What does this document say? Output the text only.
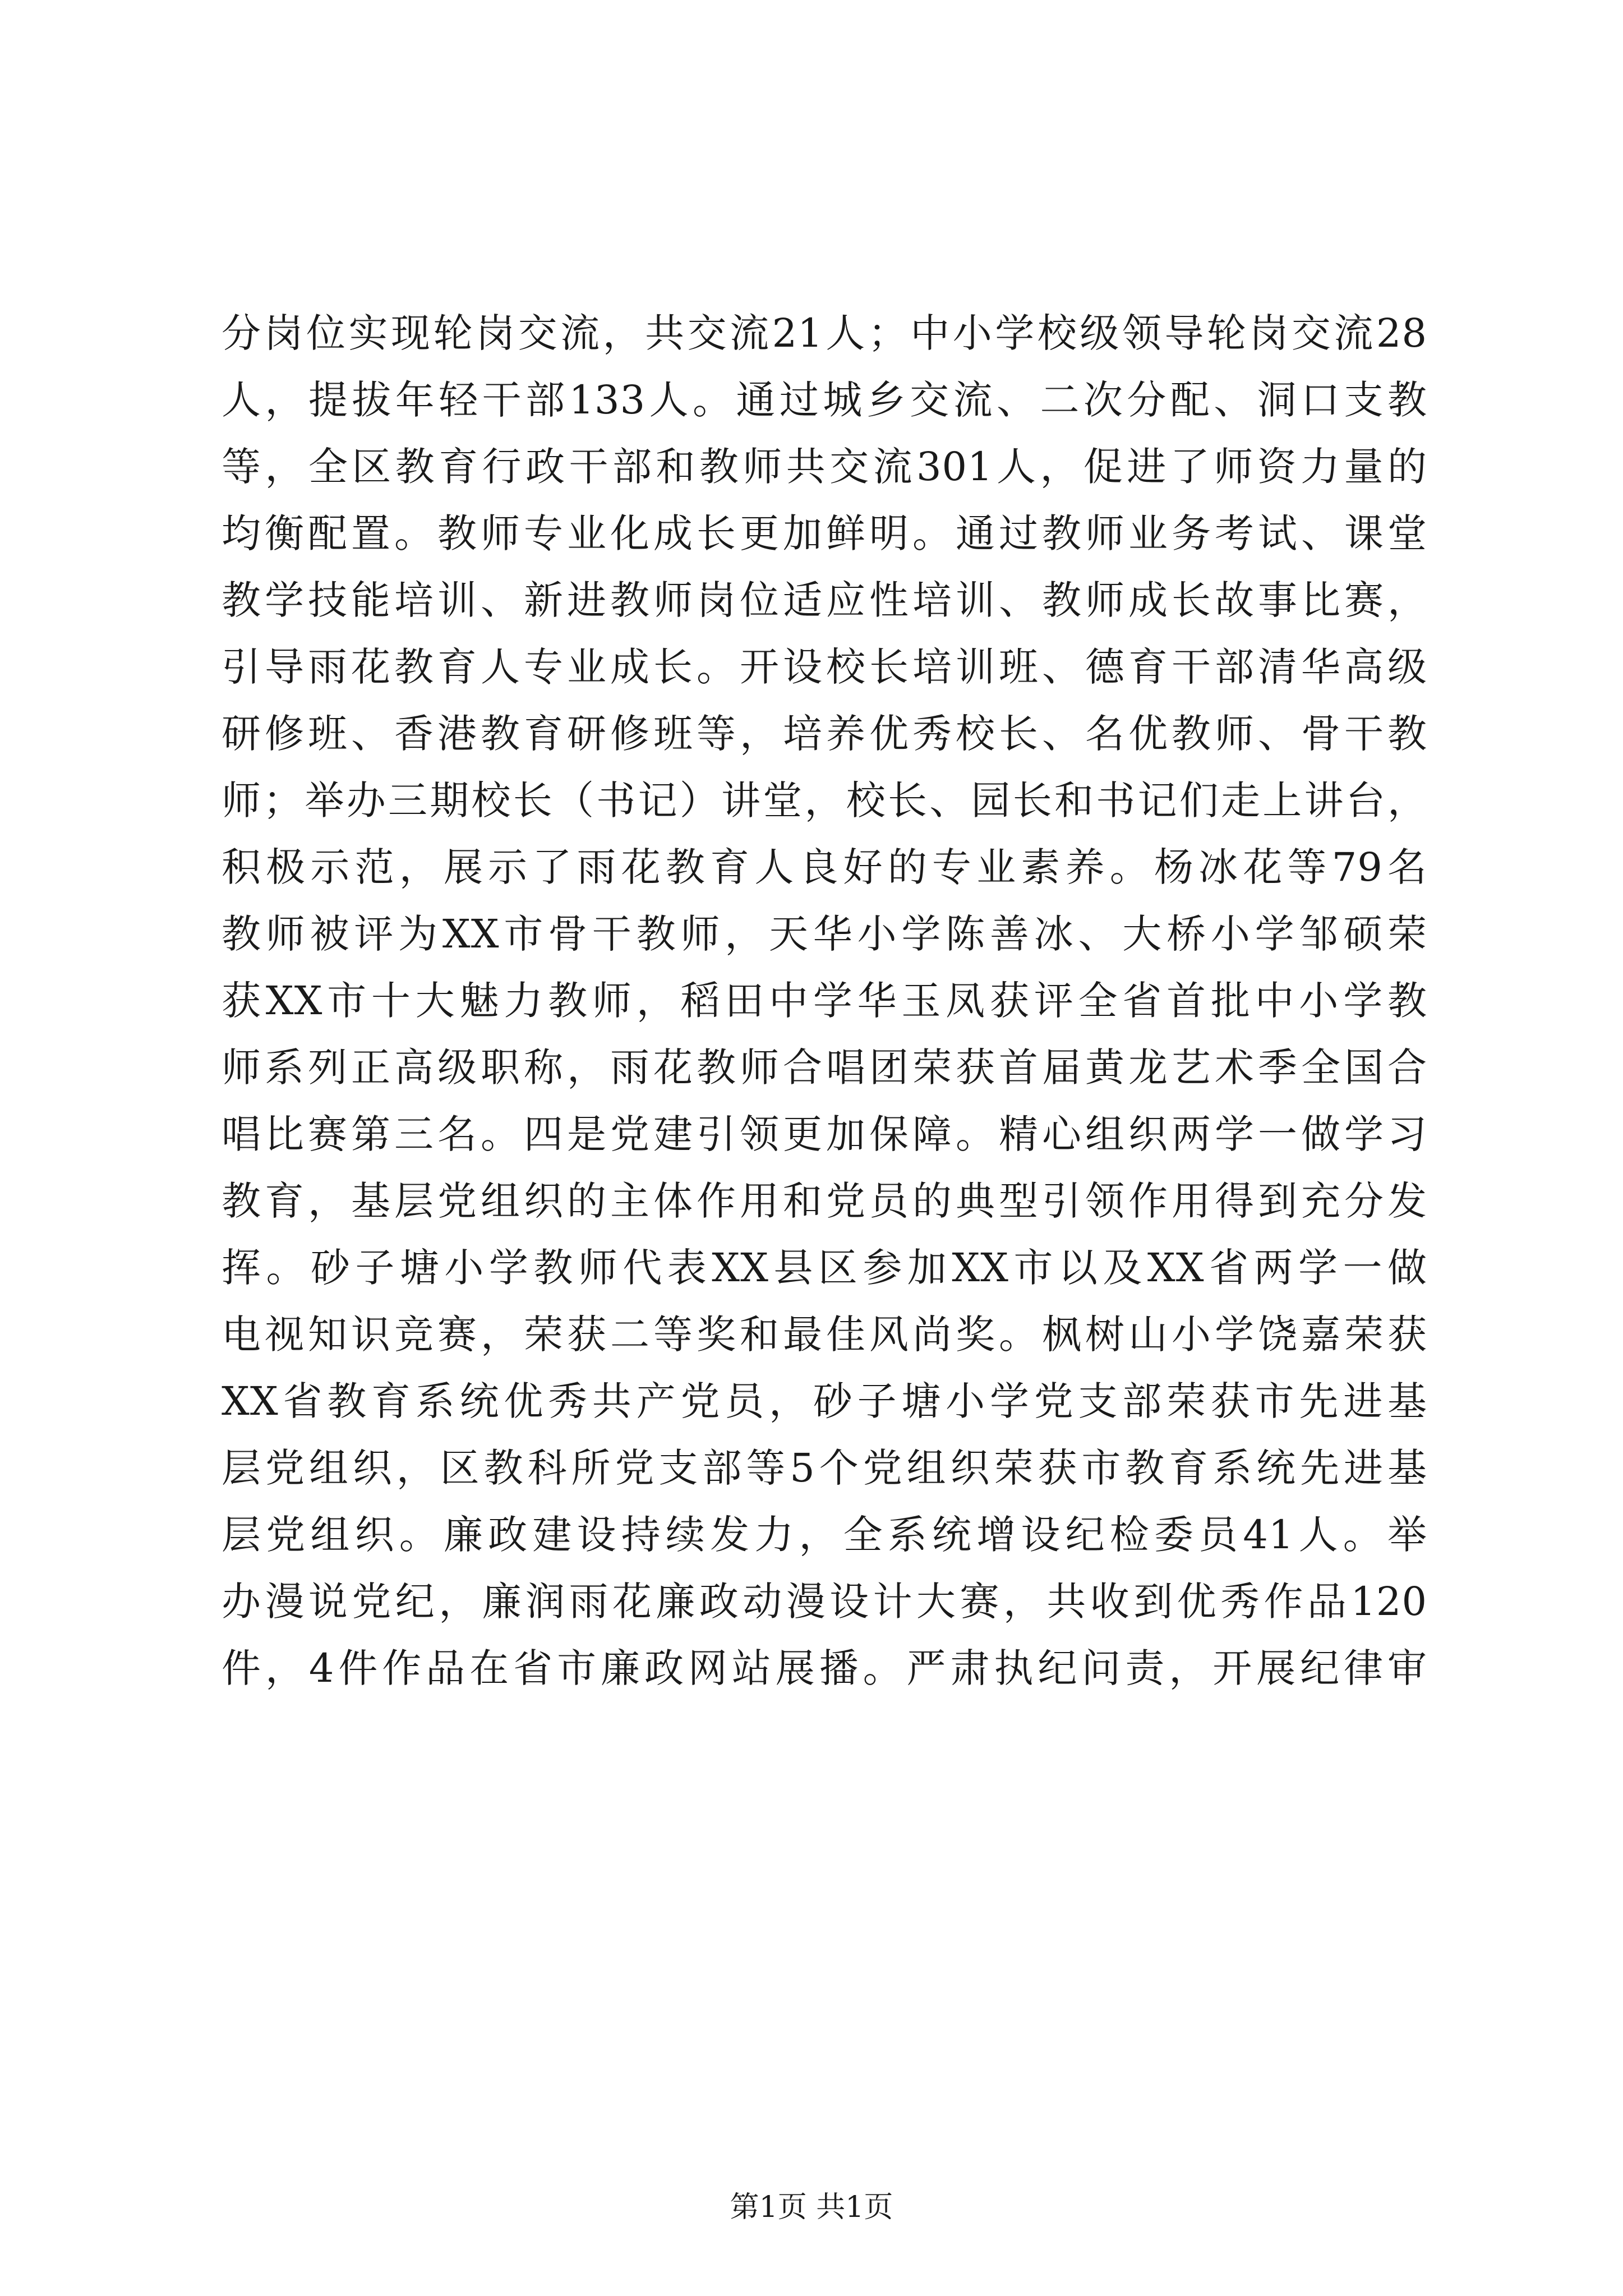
分岗位实现轮岗交流，共交流21人；中小学校级领导轮岗交流28
人，提拔年轻干部133人。通过城乡交流、二次分配、洞口支教
等，全区教育行政干部和教师共交流301人，促进了师资力量的
均衡配置。教师专业化成长更加鲜明。通过教师业务考试、课堂
教学技能培训、新进教师岗位适应性培训、教师成长故事比赛，
引导雨花教育人专业成长。开设校长培训班、德育干部清华高级
研修班、香港教育研修班等，培养优秀校长、名优教师、骨干教
师；举办三期校长（书记）讲堂，校长、园长和书记们走上讲台，
积极示范，展示了雨花教育人良好的专业素养。杨冰花等79名
教师被评为XX市骨干教师，天华小学陈善冰、大桥小学邹硕荣
获XX市十大魅力教师，稻田中学华玉凤获评全省首批中小学教
师系列正高级职称，雨花教师合唱团荣获首届黄龙艺术季全国合
唱比赛第三名。四是党建引领更加保障。精心组织两学一做学习
教育，基层党组织的主体作用和党员的典型引领作用得到充分发
挥。砂子塘小学教师代表XX县区参加XX市以及XX省两学一做
电视知识竞赛，荣获二等奖和最佳风尚奖。枫树山小学饶嘉荣获
XX省教育系统优秀共产党员，砂子塘小学党支部荣获市先进基
层党组织，区教科所党支部等5个党组织荣获市教育系统先进基
层党组织。廉政建设持续发力，全系统增设纪检委员41人。举
办漫说党纪，廉润雨花廉政动漫设计大赛，共收到优秀作品120
件，4件作品在省市廉政网站展播。严肃执纪问责，开展纪律审
第1页 共1页
